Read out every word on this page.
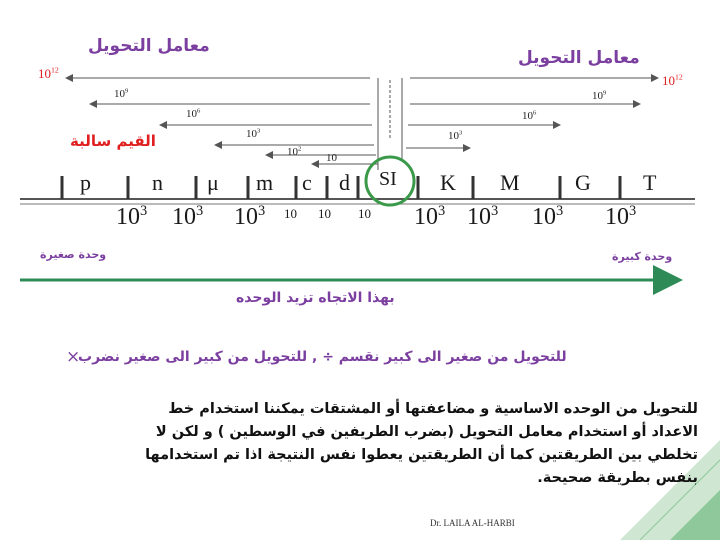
معامل التحويل
معامل التحويل
القيم سالبة
$10^{12}$
$10^{12}$
p	n μ m c d SI K M	G T
$10^3$ $10^3$ $10^3$ 10 10 10 $10^3$ $10^3$ $10^3$ $10^3$
$10^9$
$10^6$
$10^3$
$10^2$
10
$10^9$
$10^6$
$10^3$
وحدة صغيرة	وحدة كبيرة
بهذا الاتجاه تزيد الوحده
×
للتحويل من صغير الى كبير نقسم ÷ , للتحويل من كبير الى صغير نضرب
للتحويل من الوحده الاساسية و مضاعفتها أو المشتقات يمكننا استخدام خط
الاعداد أو استخدام معامل التحويل (بضرب الطريفين في الوسطين ) و لكن لا
تخلطي بين الطريقتين كما أن الطريقتين يعطوا نفس النتيجة اذا تم استخدامها
بنفس بطريقة صحيحة.
Dr. LAILA AL-HARBI
